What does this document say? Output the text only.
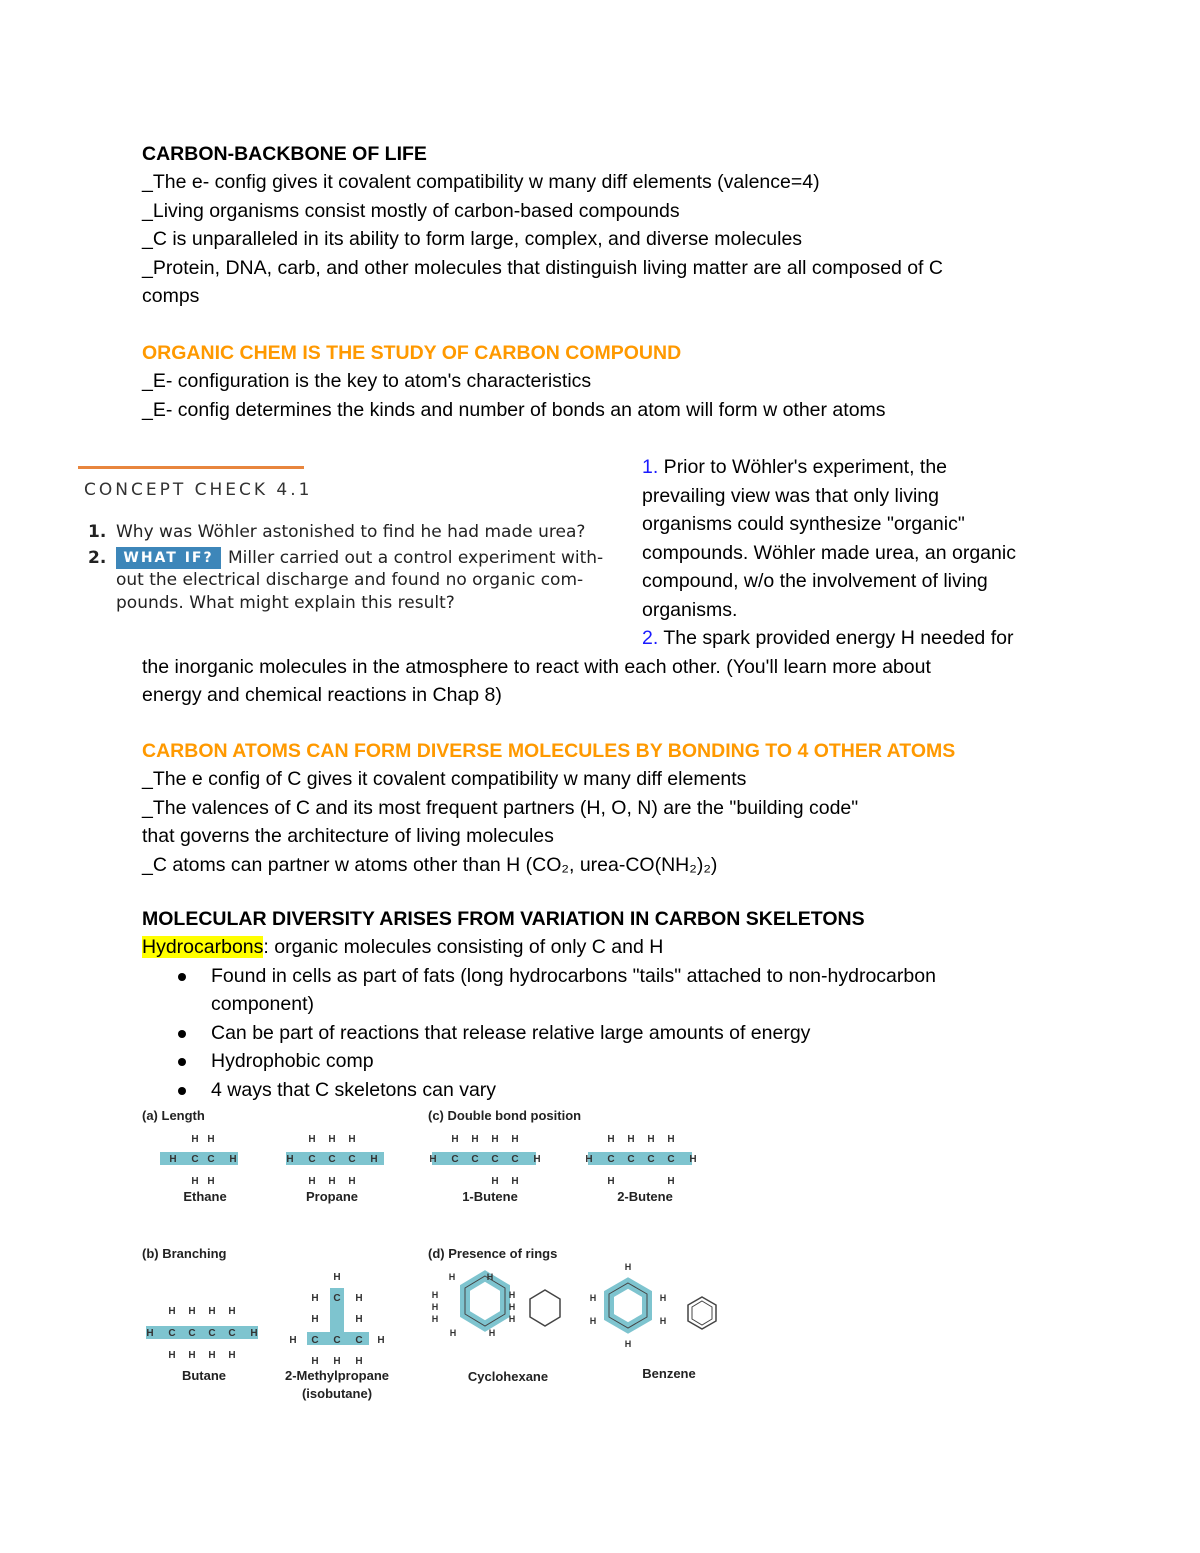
CARBON-BACKBONE OF LIFE
_The e- config gives it covalent compatibility w many diff elements (valence=4)
_Living organisms consist mostly of carbon-based compounds
_C is unparalleled in its ability to form large, complex, and diverse molecules
_Protein, DNA, carb, and other molecules that distinguish living matter are all composed of C
comps
ORGANIC CHEM IS THE STUDY OF CARBON COMPOUND
_E- configuration is the key to atom's characteristics
_E- config determines the kinds and number of bonds an atom will form w other atoms
CONCEPT CHECK 4.1
1. Why was Wöhler astonished to find he had made urea?
2.	WHAT IF? Miller carried out a control experiment with-
out the electrical discharge and found no organic com-
pounds. What might explain this result?
1. Prior to Wöhler's experiment, the
prevailing view was that only living
organisms could synthesize "organic"
compounds. Wöhler made urea, an organic
compound, w/o the involvement of living
organisms.
2. The spark provided energy H needed for
the inorganic molecules in the atmosphere to react with each other. (You'll learn more about
energy and chemical reactions in Chap 8)
CARBON ATOMS CAN FORM DIVERSE MOLECULES BY BONDING TO 4 OTHER ATOMS
_The e config of C gives it covalent compatibility w many diff elements
_The valences of C and its most frequent partners (H, O, N) are the "building code"
that governs the architecture of living molecules
_C atoms can partner w atoms other than H (CO₂, urea-CO(NH₂)₂)
MOLECULAR DIVERSITY ARISES FROM VARIATION IN CARBON SKELETONS
Hydrocarbons: organic molecules consisting of only C and H
Found in cells as part of fats (long hydrocarbons "tails" attached to non-hydrocarbon
component)
Can be part of reactions that release relative large amounts of energy
Hydrophobic comp
4 ways that C skeletons can vary
(a) Length
(b) Branching
(c) Double bond position
(d) Presence of rings
H H
H C C H
H H
Ethane
H H H
H C C C H
H H H
Propane
H H H H
H C C C C H
H H
1-Butene
H H H H
H C C C C H
H	H
2-Butene
H H H H
H C C C C H
H H H H
Butane
H
H C H
H	H
H C C C H
H H H
2-Methylpropane
(isobutane)
H	H
H
H
H
H
H
H
H	H
Cyclohexane
H
H	H
H	H
H
Benzene
